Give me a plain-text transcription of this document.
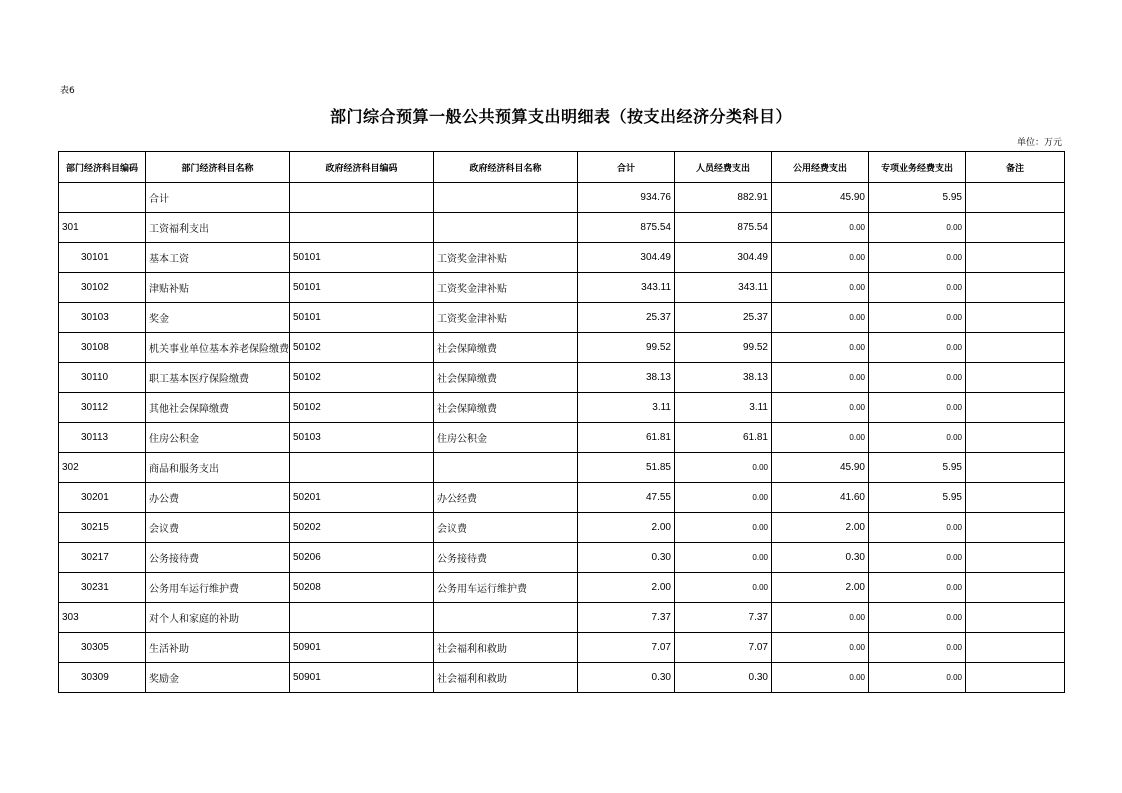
表6
部门综合预算一般公共预算支出明细表（按支出经济分类科目）
单位：万元
部门经济科目编码	部门经济科目名称	政府经济科目编码	政府经济科目名称	合计	人员经费支出	公用经费支出	专项业务经费支出	备注
	合计			934.76	882.91	45.90	5.95	
301	工资福利支出			875.54	875.54	0.00	0.00	
30101	基本工资	50101	工资奖金津补贴	304.49	304.49	0.00	0.00	
30102	津贴补贴	50101	工资奖金津补贴	343.11	343.11	0.00	0.00	
30103	奖金	50101	工资奖金津补贴	25.37	25.37	0.00	0.00	
30108	机关事业单位基本养老保险缴费	50102	社会保障缴费	99.52	99.52	0.00	0.00	
30110	职工基本医疗保险缴费	50102	社会保障缴费	38.13	38.13	0.00	0.00	
30112	其他社会保障缴费	50102	社会保障缴费	3.11	3.11	0.00	0.00	
30113	住房公积金	50103	住房公积金	61.81	61.81	0.00	0.00	
302	商品和服务支出			51.85	0.00	45.90	5.95	
30201	办公费	50201	办公经费	47.55	0.00	41.60	5.95	
30215	会议费	50202	会议费	2.00	0.00	2.00	0.00	
30217	公务接待费	50206	公务接待费	0.30	0.00	0.30	0.00	
30231	公务用车运行维护费	50208	公务用车运行维护费	2.00	0.00	2.00	0.00	
303	对个人和家庭的补助			7.37	7.37	0.00	0.00	
30305	生活补助	50901	社会福利和救助	7.07	7.07	0.00	0.00	
30309	奖励金	50901	社会福利和救助	0.30	0.30	0.00	0.00	
